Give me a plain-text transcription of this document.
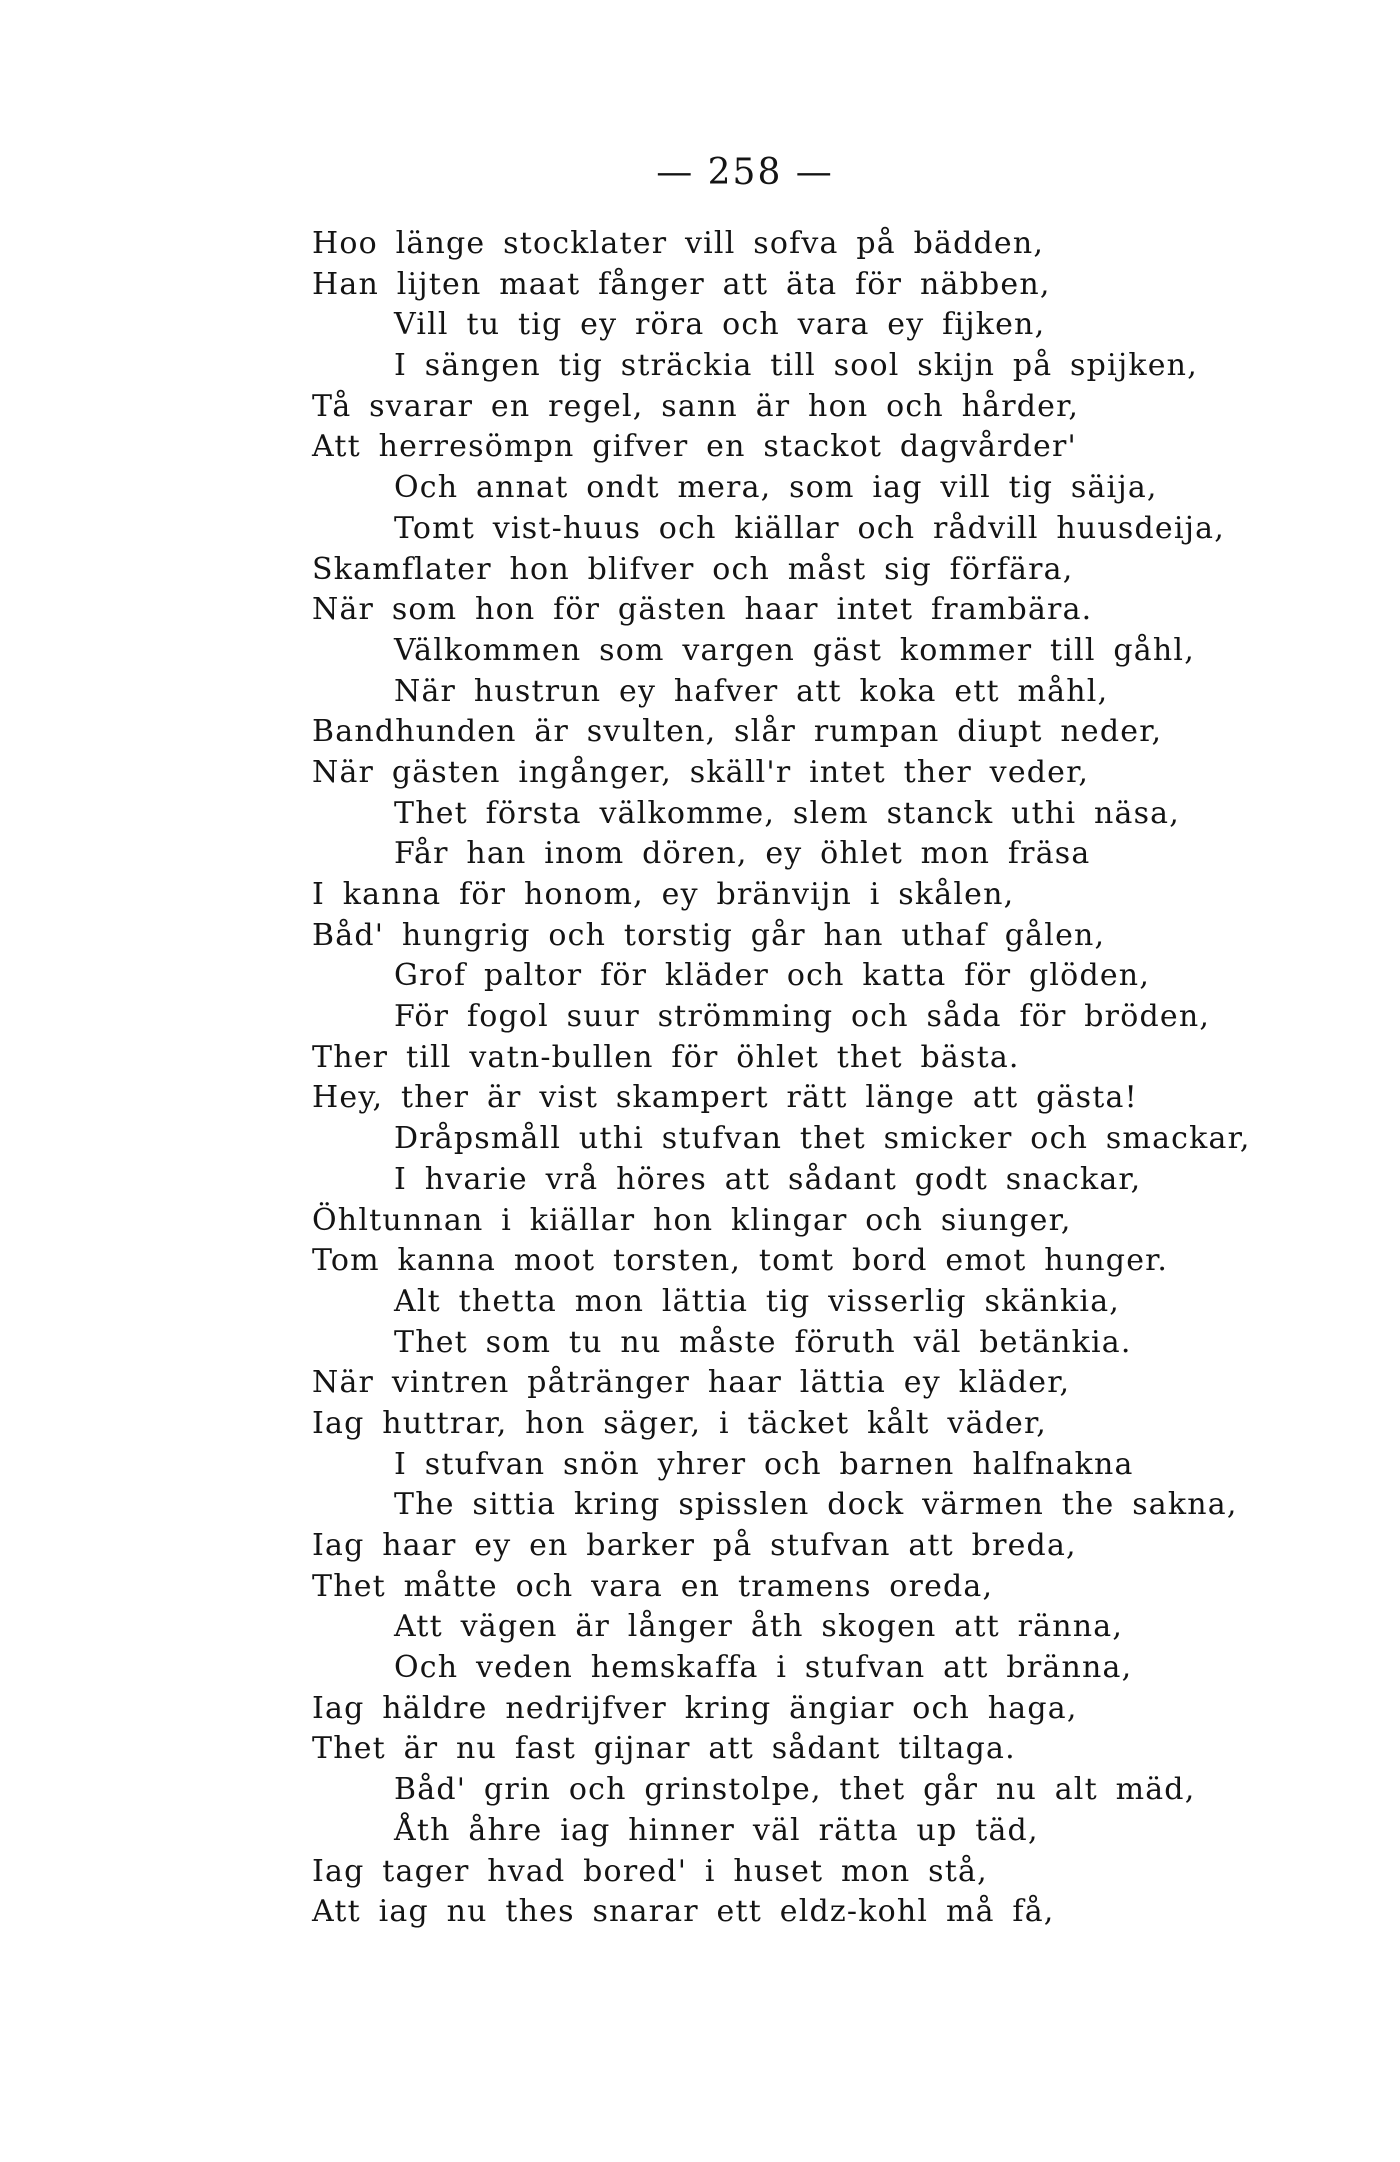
— 258 —
Hoo länge stocklater vill sofva på bädden,
Han lijten maat fånger att äta för näbben,
Vill tu tig ey röra och vara ey fijken,
I sängen tig sträckia till sool skijn på spijken,
Tå svarar en regel, sann är hon och hårder,
Att herresömpn gifver en stackot dagvårder'
Och annat ondt mera, som iag vill tig säija,
Tomt vist-huus och kiällar och rådvill huusdeija,
Skamflater hon blifver och måst sig förfära,
När som hon för gästen haar intet frambära.
Välkommen som vargen gäst kommer till gåhl,
När hustrun ey hafver att koka ett måhl,
Bandhunden är svulten, slår rumpan diupt neder,
När gästen ingånger, skäll'r intet ther veder,
Thet första välkomme, slem stanck uthi näsa,
Får han inom dören, ey öhlet mon fräsa
I kanna för honom, ey bränvijn i skålen,
Båd' hungrig och torstig går han uthaf gålen,
Grof paltor för kläder och katta för glöden,
För fogol suur strömming och såda för bröden,
Ther till vatn-bullen för öhlet thet bästa.
Hey, ther är vist skampert rätt länge att gästa!
Dråpsmåll uthi stufvan thet smicker och smackar,
I hvarie vrå höres att sådant godt snackar,
Öhltunnan i kiällar hon klingar och siunger,
Tom kanna moot torsten, tomt bord emot hunger.
Alt thetta mon lättia tig visserlig skänkia,
Thet som tu nu måste föruth väl betänkia.
När vintren påtränger haar lättia ey kläder,
Iag huttrar, hon säger, i täcket kålt väder,
I stufvan snön yhrer och barnen halfnakna
The sittia kring spisslen dock värmen the sakna,
Iag haar ey en barker på stufvan att breda,
Thet måtte och vara en tramens oreda,
Att vägen är långer åth skogen att ränna,
Och veden hemskaffa i stufvan att bränna,
Iag häldre nedrijfver kring ängiar och haga,
Thet är nu fast gijnar att sådant tiltaga.
Båd' grin och grinstolpe, thet går nu alt mäd,
Åth åhre iag hinner väl rätta up täd,
Iag tager hvad bored' i huset mon stå,
Att iag nu thes snarar ett eldz-kohl må få,
